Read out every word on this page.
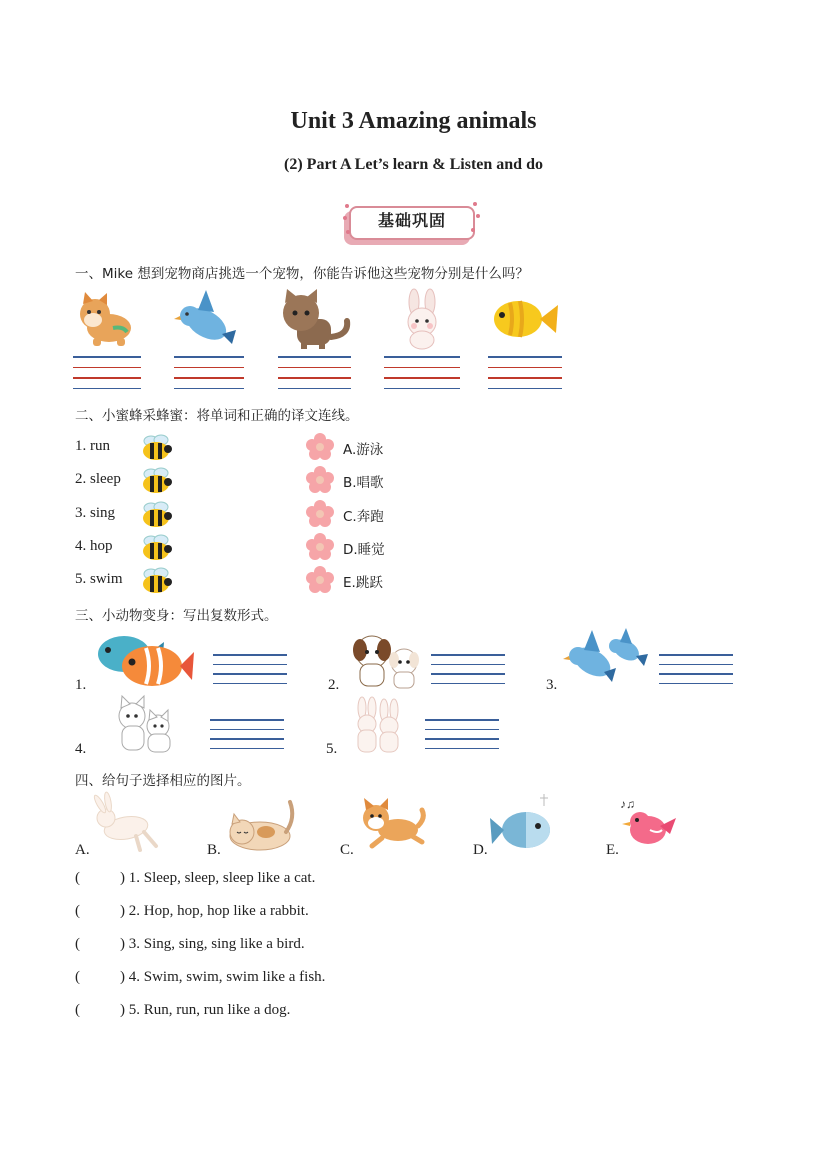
Unit 3 Amazing animals
(2) Part A Let’s learn & Listen and do
基础巩固
一、Mike 想到宠物商店挑选一个宠物，你能告诉他这些宠物分别是什么吗？
二、小蜜蜂采蜂蜜：将单词和正确的译文连线。
1. run
2. sleep
3. sing
4. hop
5. swim
A.游泳
B.唱歌
C.奔跑
D.睡觉
E.跳跃
三、小动物变身：写出复数形式。
1.	2.	3.
4.	5.
四、给句子选择相应的图片。
A.	B.	C.	D.	E.
♪♫
(	) 1. Sleep, sleep, sleep like a cat.
(	) 2. Hop, hop, hop like a rabbit.
(	) 3. Sing, sing, sing like a bird.
(	) 4. Swim, swim, swim like a fish.
(	) 5. Run, run, run like a dog.
